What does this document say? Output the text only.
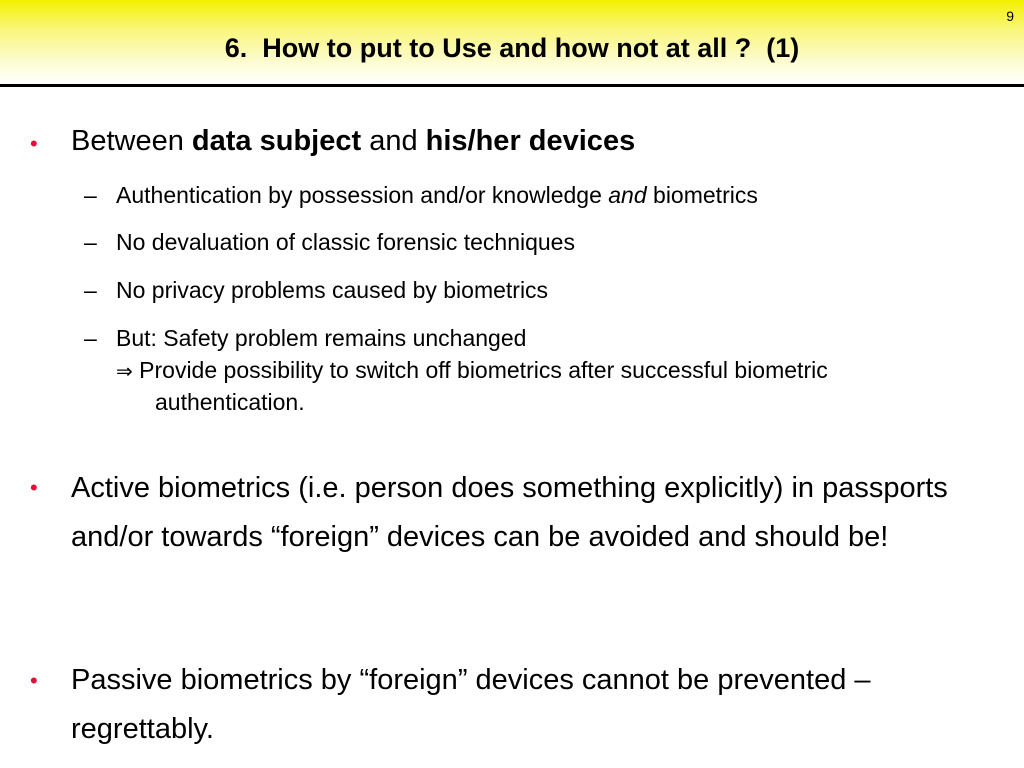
9
6.  How to put to Use and how not at all ?  (1)
• Between data subject and his/her devices
– Authentication by possession and/or knowledge and biometrics
– No devaluation of classic forensic techniques
– No privacy problems caused by biometrics
– But: Safety problem remains unchanged
⇒ Provide possibility to switch off biometrics after successful biometric
authentication.
• Active biometrics (i.e. person does something explicitly) in passports and/or towards “foreign” devices can be avoided and should be!
• Passive biometrics by “foreign” devices cannot be prevented – regrettably.
